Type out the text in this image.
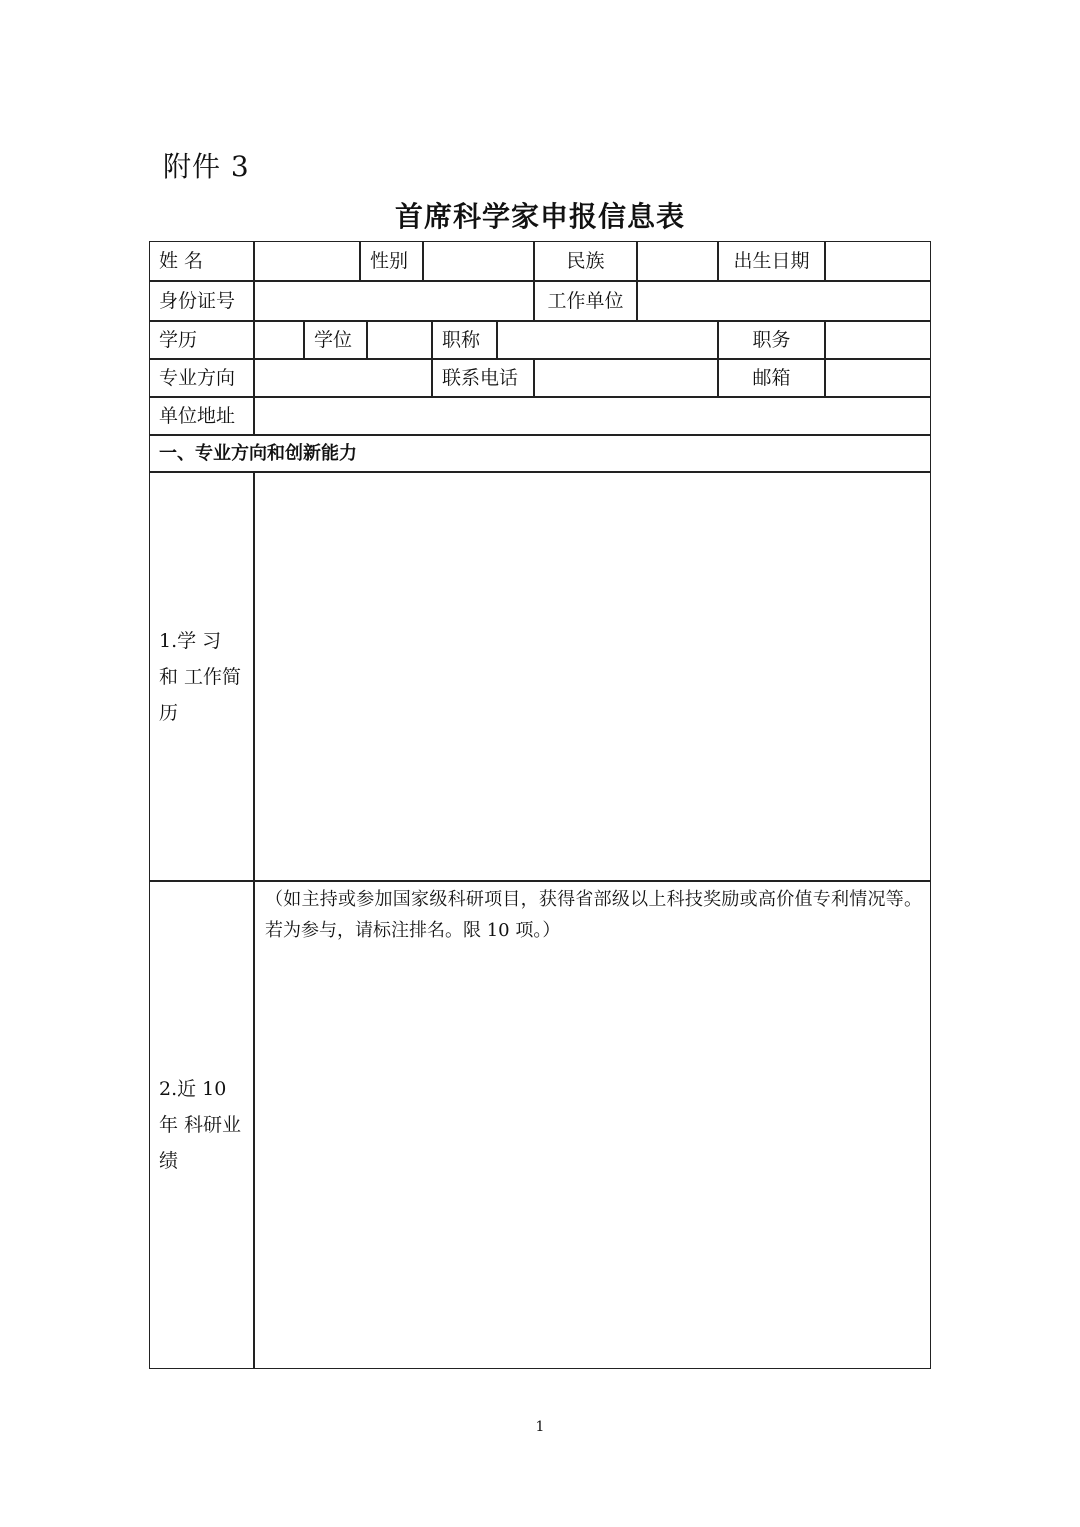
附件 3
首席科学家申报信息表
姓 名	性别	民族	出生日期
身份证号	工作单位
学历	学位	职称	职务
专业方向	联系电话	邮箱
单位地址
一、专业方向和创新能力
1.学 习 和 工作简历
2.近 10 年 科研业绩
（如主持或参加国家级科研项目，获得省部级以上科技奖励或高价值专利情况等。若为参与，请标注排名。限 10 项。）
1
